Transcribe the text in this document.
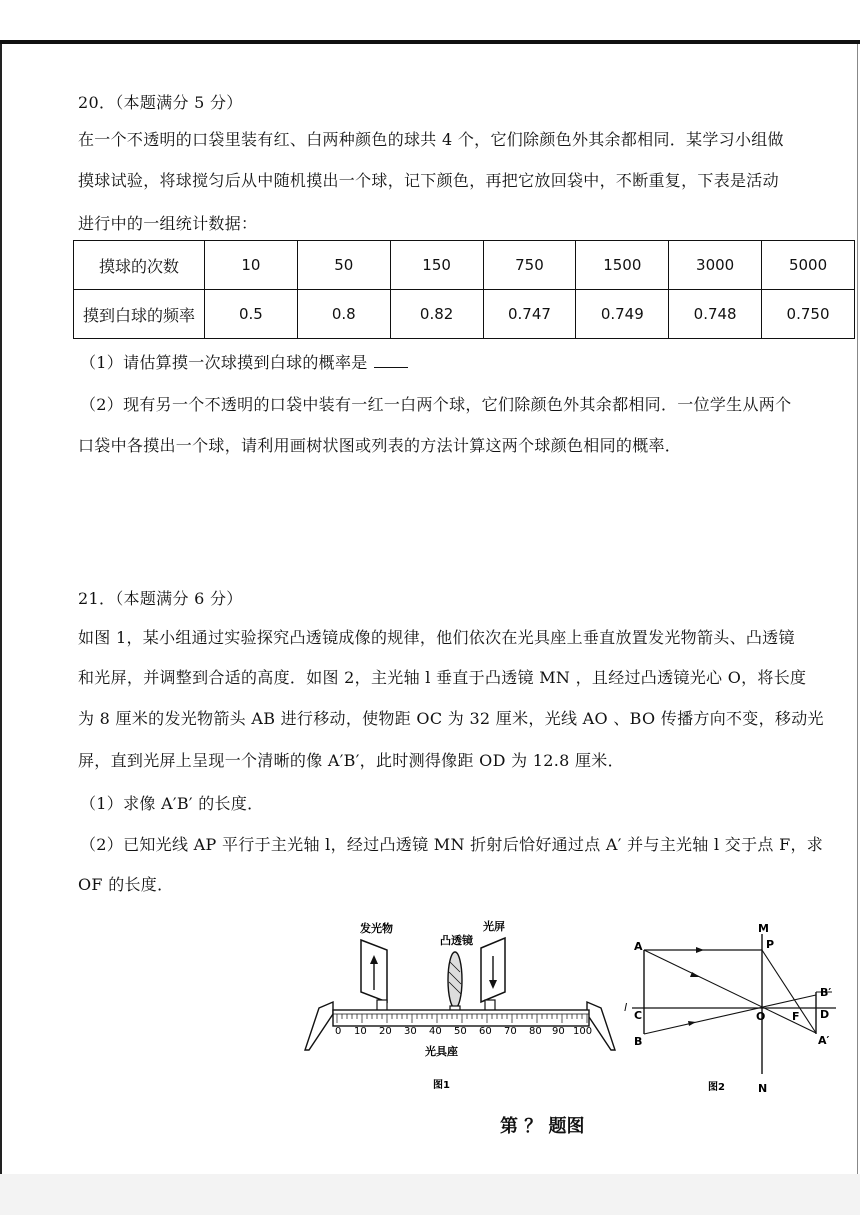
20．（本题满分 5 分）
在一个不透明的口袋里装有红、白两种颜色的球共 4 个，它们除颜色外其余都相同．某学习小组做
摸球试验，将球搅匀后从中随机摸出一个球，记下颜色，再把它放回袋中，不断重复，下表是活动
进行中的一组统计数据：
摸球的次数	10	50	150	750	1500	3000	5000
摸到白球的频率	0.5	0.8	0.82	0.747	0.749	0.748	0.750
（1）请估算摸一次球摸到白球的概率是
（2）现有另一个不透明的口袋中装有一红一白两个球，它们除颜色外其余都相同．一位学生从两个
口袋中各摸出一个球，请利用画树状图或列表的方法计算这两个球颜色相同的概率．
21．（本题满分 6 分）
如图 1，某小组通过实验探究凸透镜成像的规律，他们依次在光具座上垂直放置发光物箭头、凸透镜
和光屏，并调整到合适的高度．如图 2，主光轴 l 垂直于凸透镜 MN ，且经过凸透镜光心 O，将长度
为 8 厘米的发光物箭头 AB 进行移动，使物距 OC 为 32 厘米，光线 AO 、BO 传播方向不变，移动光
屏，直到光屏上呈现一个清晰的像 A′B′，此时测得像距 OD 为 12.8 厘米．
（1）求像 A′B′ 的长度．
（2）已知光线 AP 平行于主光轴 l，经过凸透镜 MN 折射后恰好通过点 A′ 并与主光轴 l 交于点 F，求
OF 的长度．
发光物
凸透镜
光屏
0 10 20 30 40 50 60 70 80 90 100
光具座
图1
l
A
B
C	O
M
N
P
F D
A′
B′
图2
第 ？ 题图
